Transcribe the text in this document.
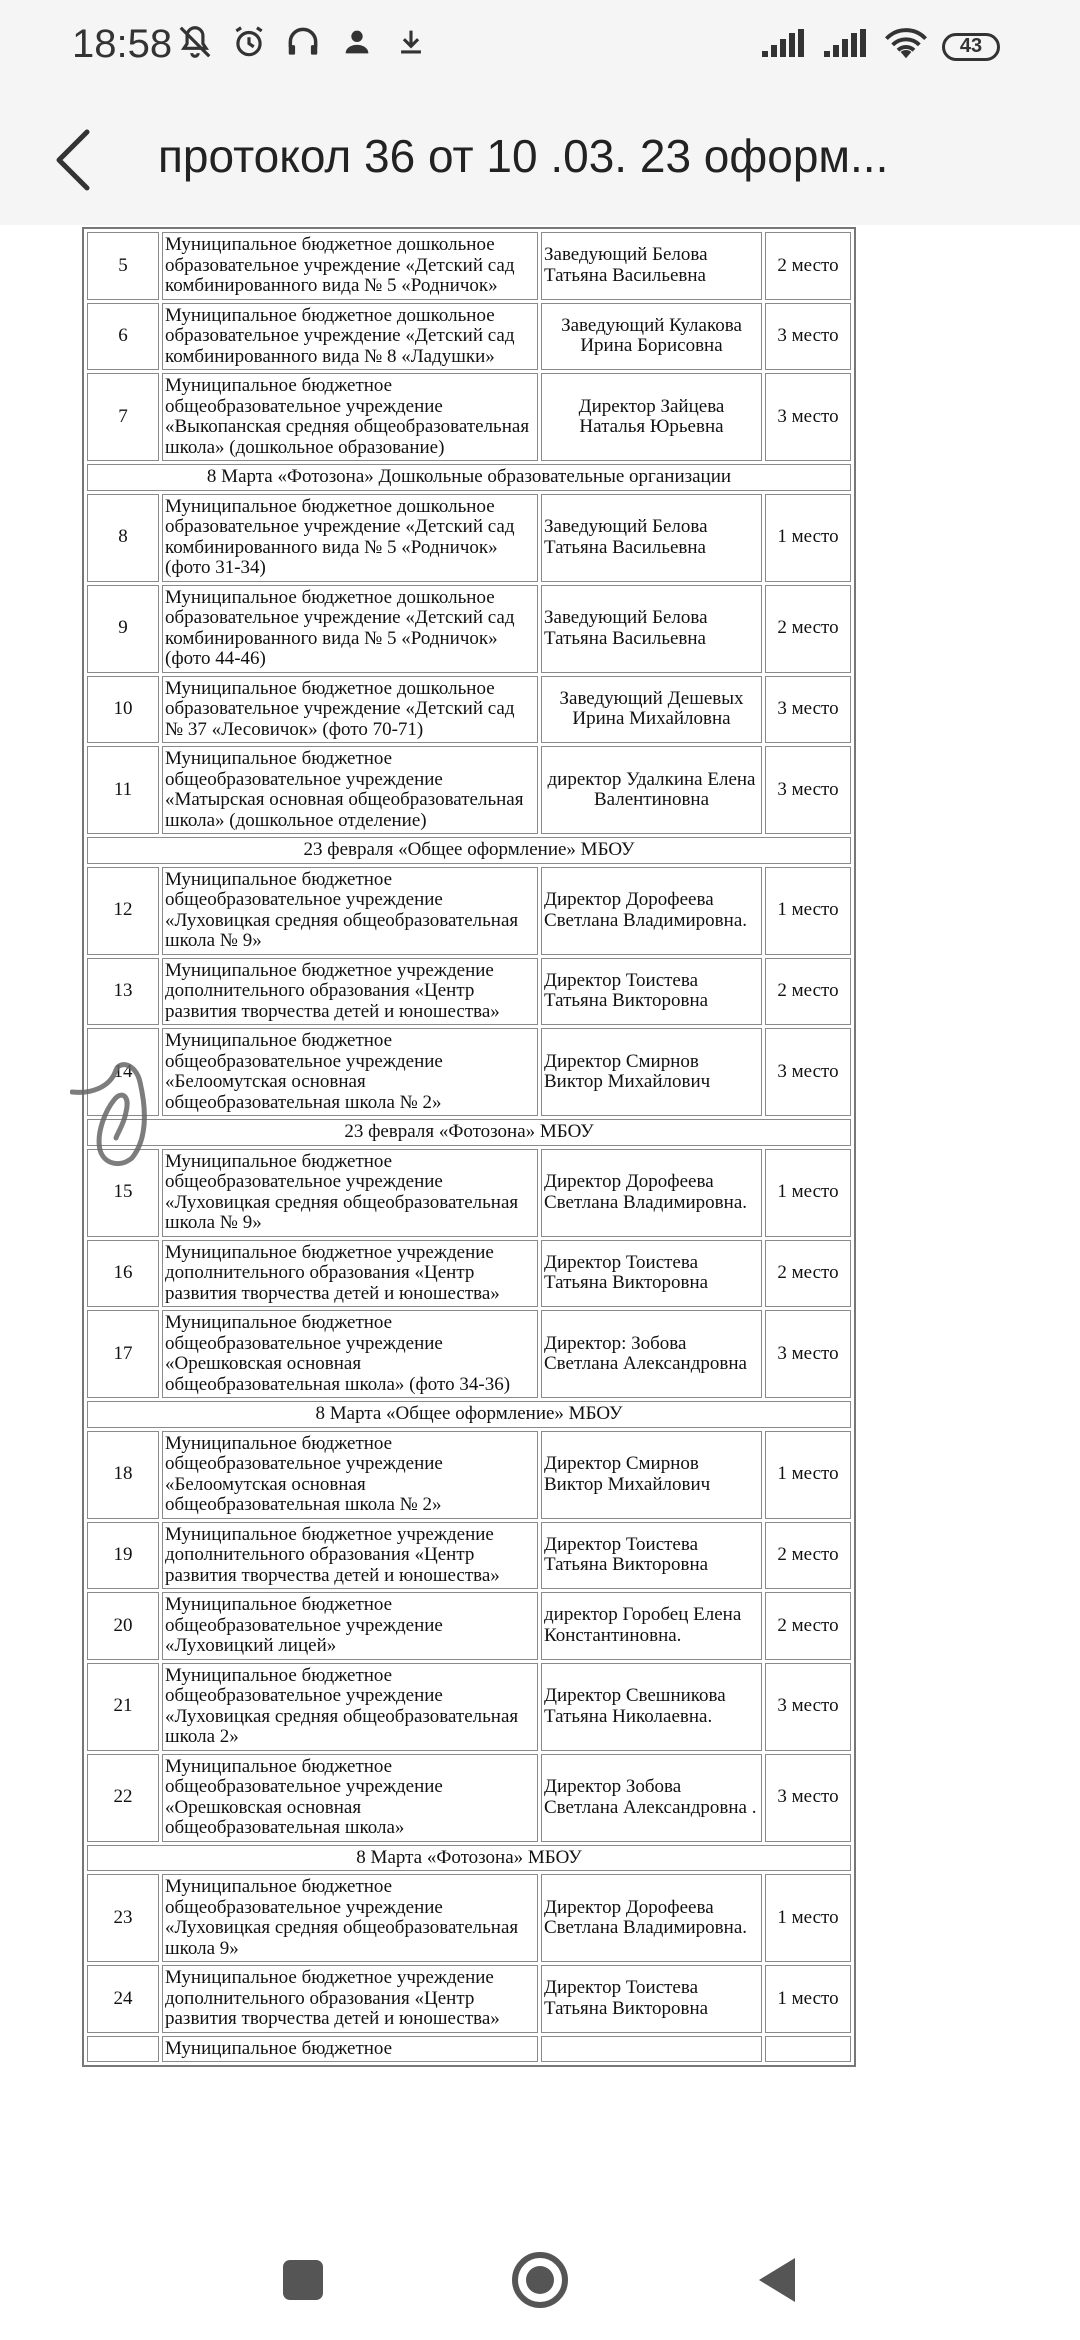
18:58	43
протокол 36 от 10 .03. 23 оформ...
5	Муниципальное бюджетное дошкольное образовательное учреждение «Детский сад комбинированного вида № 5 «Родничок»	Заведующий Белова Татьяна Васильевна	2 место
6	Муниципальное бюджетное дошкольное образовательное учреждение «Детский сад комбинированного вида № 8 «Ладушки»	Заведующий Кулакова Ирина Борисовна	3 место
7	Муниципальное бюджетное общеобразовательное учреждение «Выкопанская средняя общеобразовательная школа» (дошкольное образование)	Директор Зайцева Наталья Юрьевна	3 место
8 Марта «Фотозона» Дошкольные образовательные организации			
8	Муниципальное бюджетное дошкольное образовательное учреждение «Детский сад комбинированного вида № 5 «Родничок» (фото 31-34)	Заведующий Белова Татьяна Васильевна	1 место
9	Муниципальное бюджетное дошкольное образовательное учреждение «Детский сад комбинированного вида № 5 «Родничок» (фото 44-46)	Заведующий Белова Татьяна Васильевна	2 место
10	Муниципальное бюджетное дошкольное образовательное учреждение «Детский сад № 37 «Лесовичок» (фото 70-71)	Заведующий Дешевых Ирина Михайловна	3 место
11	Муниципальное бюджетное общеобразовательное учреждение «Матырская основная общеобразовательная школа» (дошкольное отделение)	директор Удалкина Елена Валентиновна	3 место
23 февраля «Общее оформление» МБОУ			
12	Муниципальное бюджетное общеобразовательное учреждение «Луховицкая средняя общеобразовательная школа № 9»	Директор Дорофеева Светлана Владимировна.	1 место
13	Муниципальное бюджетное учреждение дополнительного образования «Центр развития творчества детей и юношества»	Директор Тоистева Татьяна Викторовна	2 место
14	Муниципальное бюджетное общеобразовательное учреждение «Белоомутская основная общеобразовательная школа № 2»	Директор Смирнов Виктор Михайлович	3 место
23 февраля «Фотозона» МБОУ			
15	Муниципальное бюджетное общеобразовательное учреждение «Луховицкая средняя общеобразовательная школа № 9»	Директор Дорофеева Светлана Владимировна.	1 место
16	Муниципальное бюджетное учреждение дополнительного образования «Центр развития творчества детей и юношества»	Директор Тоистева Татьяна Викторовна	2 место
17	Муниципальное бюджетное общеобразовательное учреждение «Орешковская основная общеобразовательная школа» (фото 34-36)	Директор: Зобова Светлана Александровна	3 место
8 Марта «Общее оформление» МБОУ			
18	Муниципальное бюджетное общеобразовательное учреждение «Белоомутская основная общеобразовательная школа № 2»	Директор Смирнов Виктор Михайлович	1 место
19	Муниципальное бюджетное учреждение дополнительного образования «Центр развития творчества детей и юношества»	Директор Тоистева Татьяна Викторовна	2 место
20	Муниципальное бюджетное общеобразовательное учреждение «Луховицкий лицей»	директор Горобец Елена Константиновна.	2 место
21	Муниципальное бюджетное общеобразовательное учреждение «Луховицкая средняя общеобразовательная школа 2»	Директор Свешникова Татьяна Николаевна.	3 место
22	Муниципальное бюджетное общеобразовательное учреждение «Орешковская основная общеобразовательная школа»	Директор Зобова Светлана Александровна .	3 место
8 Марта «Фотозона» МБОУ			
23	Муниципальное бюджетное общеобразовательное учреждение «Луховицкая средняя общеобразовательная школа 9»	Директор Дорофеева Светлана Владимировна.	1 место
24	Муниципальное бюджетное учреждение дополнительного образования «Центр развития творчества детей и юношества»	Директор Тоистева Татьяна Викторовна	1 место
	Муниципальное бюджетное		
